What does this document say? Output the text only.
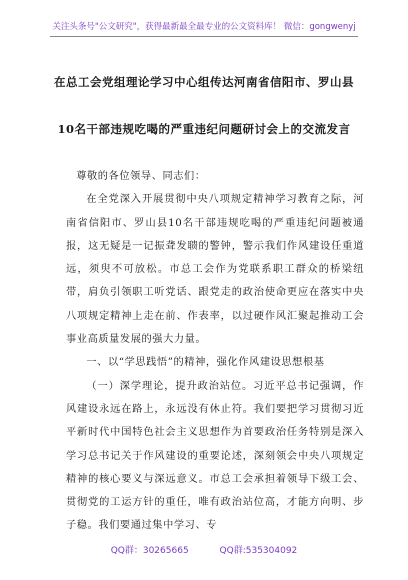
关注头条号"公文研究"，获得最新最全最专业的公文资料库！ 微信：gongwenyj
在总工会党组理论学习中心组传达河南省信阳市、罗山县
10名干部违规吃喝的严重违纪问题研讨会上的交流发言

尊敬的各位领导、同志们：

在全党深入开展贯彻中央八项规定精神学习教育之际，河南省信阳市、罗山县10名干部违规吃喝的严重违纪问题被通报，这无疑是一记振聋发聩的警钟，警示我们作风建设任重道远，须臾不可放松。市总工会作为党联系职工群众的桥梁纽带，肩负引领职工听党话、跟党走的政治使命更应在落实中央八项规定精神上走在前、作表率，以过硬作风汇聚起推动工会事业高质量发展的强大力量。

一、以“学思践悟”的精神，强化作风建设思想根基

（一）深学理论，提升政治站位。习近平总书记强调，作风建设永远在路上，永远没有休止符。我们要把学习贯彻习近平新时代中国特色社会主义思想作为首要政治任务特别是深入学习总书记关于作风建设的重要论述，深刻领会中央八项规定精神的核心要义与深远意义。市总工会承担着领导下级工会、贯彻党的工运方针的重任，唯有政治站位高，才能方向明、步子稳。我们要通过集中学习、专

QQ群：30265665	QQ群:535304092
